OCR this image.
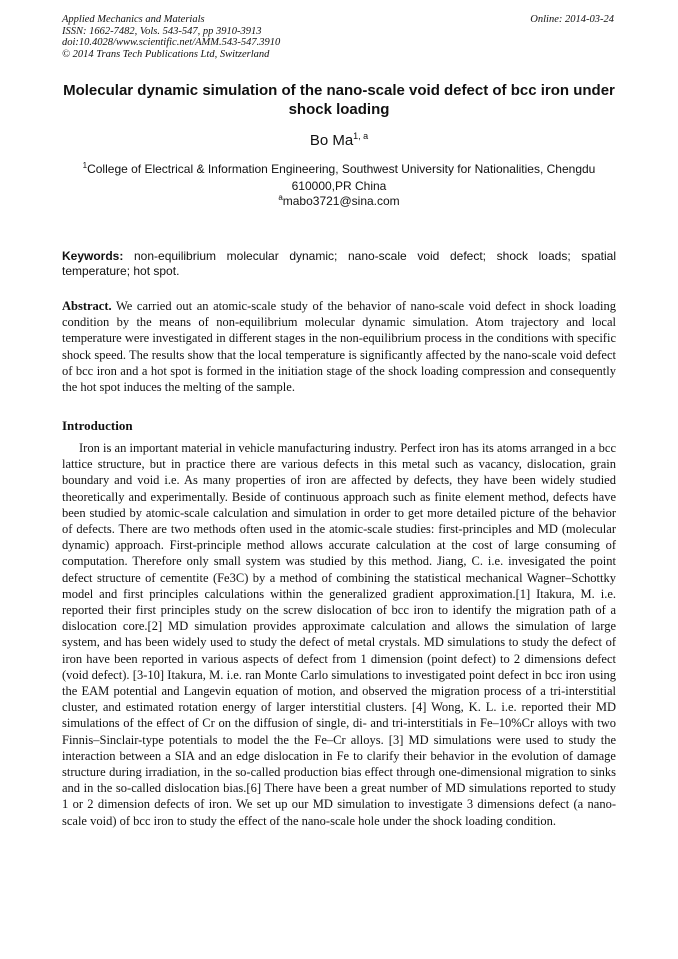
Applied Mechanics and Materials
ISSN: 1662-7482, Vols. 543-547, pp 3910-3913
doi:10.4028/www.scientific.net/AMM.543-547.3910
© 2014 Trans Tech Publications Ltd, Switzerland
Online: 2014-03-24
Molecular dynamic simulation of the nano-scale void defect of bcc iron under shock loading
Bo Ma$^{1, a}$
$^1$College of Electrical & Information Engineering, Southwest University for Nationalities, Chengdu 610000,PR China
$^a$mabo3721@sina.com
Keywords: non-equilibrium molecular dynamic; nano-scale void defect; shock loads; spatial temperature; hot spot.
Abstract. We carried out an atomic-scale study of the behavior of nano-scale void defect in shock loading condition by the means of non-equilibrium molecular dynamic simulation. Atom trajectory and local temperature were investigated in different stages in the non-equilibrium process in the conditions with specific shock speed. The results show that the local temperature is significantly affected by the nano-scale void defect of bcc iron and a hot spot is formed in the initiation stage of the shock loading compression and consequently the hot spot induces the melting of the sample.
Introduction
Iron is an important material in vehicle manufacturing industry. Perfect iron has its atoms arranged in a bcc lattice structure, but in practice there are various defects in this metal such as vacancy, dislocation, grain boundary and void i.e. As many properties of iron are affected by defects, they have been widely studied theoretically and experimentally. Beside of continuous approach such as finite element method, defects have been studied by atomic-scale calculation and simulation in order to get more detailed picture of the behavior of defects. There are two methods often used in the atomic-scale studies: first-principles and MD (molecular dynamic) approach. First-principle method allows accurate calculation at the cost of large consuming of computation. Therefore only small system was studied by this method. Jiang, C. i.e. invesigated the point defect structure of cementite (Fe3C) by a method of combining the statistical mechanical Wagner–Schottky model and first principles calculations within the generalized gradient approximation.[1] Itakura, M. i.e. reported their first principles study on the screw dislocation of bcc iron to identify the migration path of a dislocation core.[2] MD simulation provides approximate calculation and allows the simulation of large system, and has been widely used to study the defect of metal crystals. MD simulations to study the defect of iron have been reported in various aspects of defect from 1 dimension (point defect) to 2 dimensions defect (void defect). [3-10] Itakura, M. i.e. ran Monte Carlo simulations to investigated point defect in bcc iron using the EAM potential and Langevin equation of motion, and observed the migration process of a tri-interstitial cluster, and estimated rotation energy of larger interstitial clusters. [4] Wong, K. L. i.e. reported their MD simulations of the effect of Cr on the diffusion of single, di- and tri-interstitials in Fe–10%Cr alloys with two Finnis–Sinclair-type potentials to model the the Fe–Cr alloys. [3] MD simulations were used to study the interaction between a SIA and an edge dislocation in Fe to clarify their behavior in the evolution of damage structure during irradiation, in the so-called production bias effect through one-dimensional migration to sinks and in the so-called dislocation bias.[6] There have been a great number of MD simulations reported to study 1 or 2 dimension defects of iron. We set up our MD simulation to investigate 3 dimensions defect (a nano-scale void) of bcc iron to study the effect of the nano-scale hole under the shock loading condition.
